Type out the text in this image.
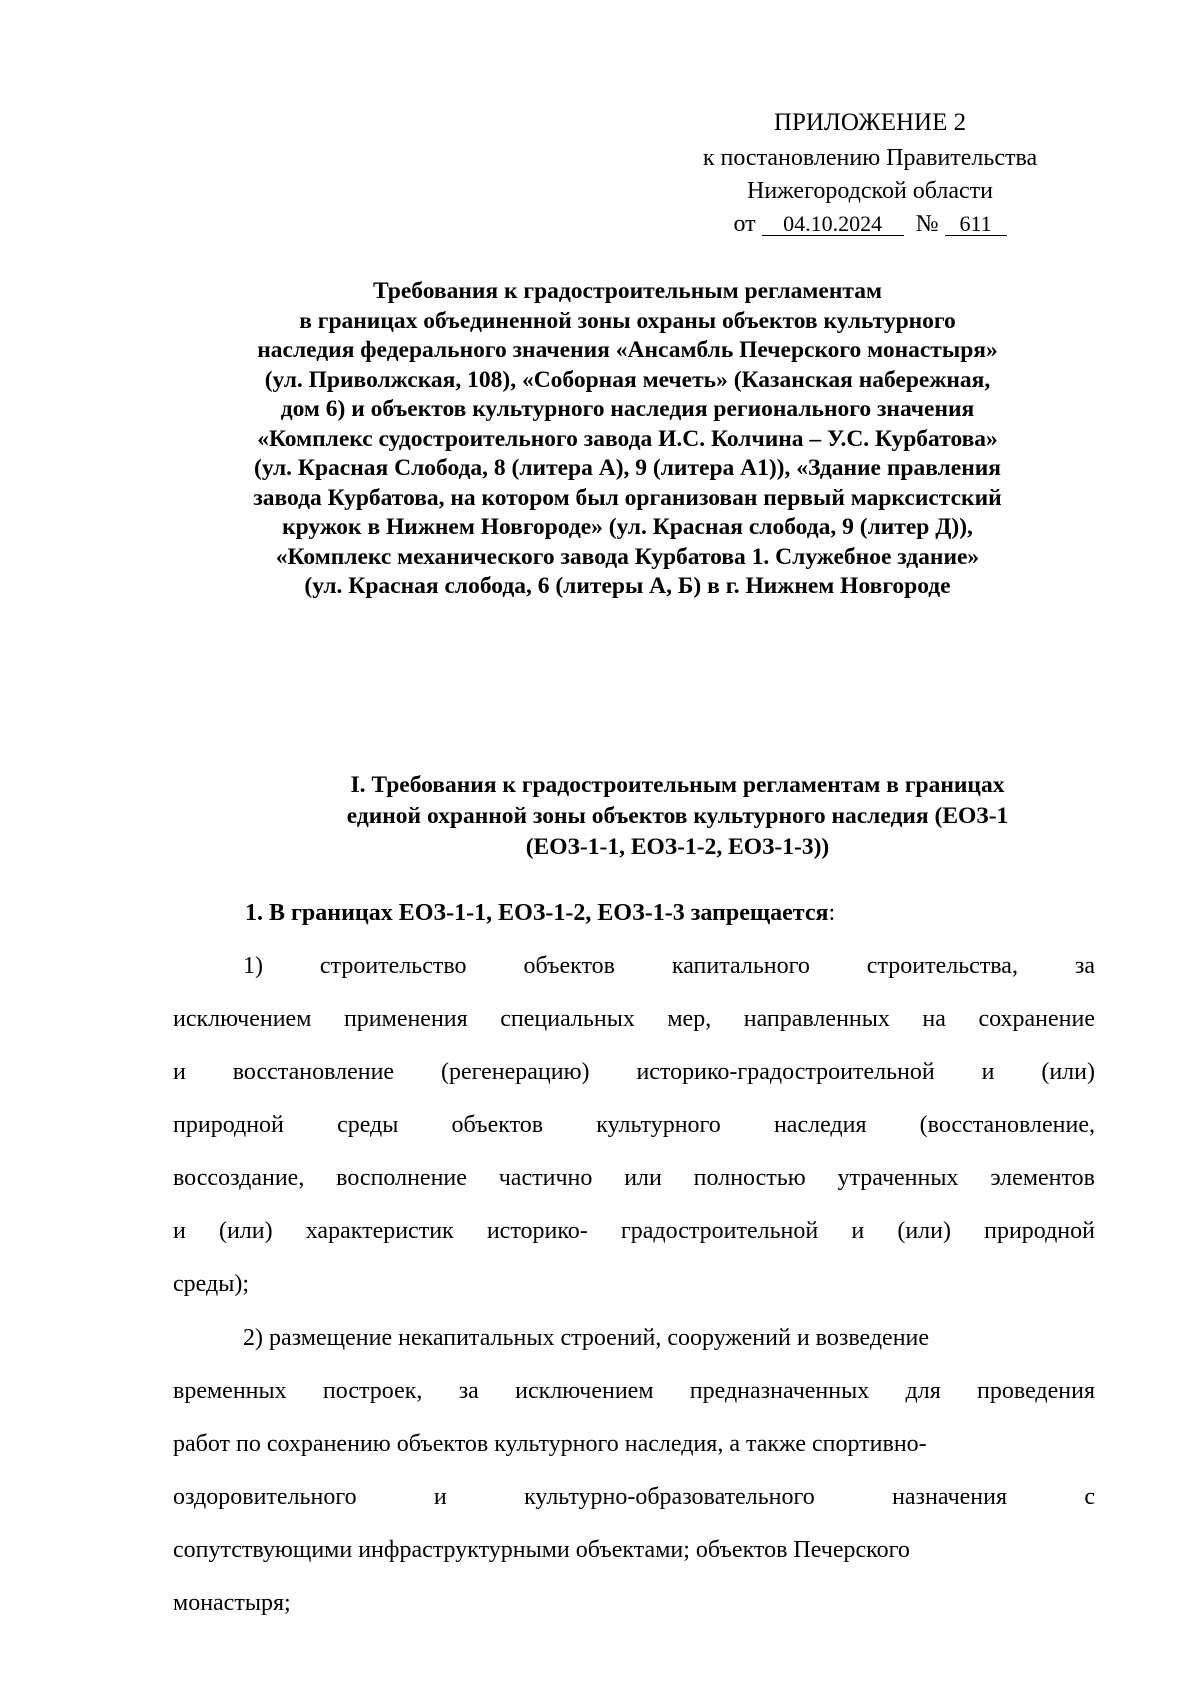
ПРИЛОЖЕНИЕ 2
к постановлению Правительства
Нижегородской области
от 04.10.2024 № 611
Требования к градостроительным регламентам
в границах объединенной зоны охраны объектов культурного
наследия федерального значения «Ансамбль Печерского монастыря»
(ул. Приволжская, 108), «Соборная мечеть» (Казанская набережная,
дом 6) и объектов культурного наследия регионального значения
«Комплекс судостроительного завода И.С. Колчина – У.С. Курбатова»
(ул. Красная Слобода, 8 (литера А), 9 (литера А1)), «Здание правления
завода Курбатова, на котором был организован первый марксистский
кружок в Нижнем Новгороде» (ул. Красная слобода, 9 (литер Д)),
«Комплекс механического завода Курбатова 1. Служебное здание»
(ул. Красная слобода, 6 (литеры А, Б) в г. Нижнем Новгороде
I. Требования к градостроительным регламентам в границах
единой охранной зоны объектов культурного наследия (ЕОЗ-1
(ЕОЗ-1-1, ЕОЗ-1-2, ЕОЗ-1-3))
1. В границах ЕОЗ-1-1, ЕОЗ-1-2, ЕОЗ-1-3 запрещается:
1) строительство объектов капитального строительства, за
исключением применения специальных мер, направленных на сохранение
и восстановление (регенерацию) историко-градостроительной и (или)
природной среды объектов культурного наследия (восстановление,
воссоздание, восполнение частично или полностью утраченных элементов
и (или) характеристик историко- градостроительной и (или) природной
среды);
2) размещение некапитальных строений, сооружений и возведение
временных построек, за исключением предназначенных для проведения
работ по сохранению объектов культурного наследия, а также спортивно-
оздоровительного и культурно-образовательного назначения с
сопутствующими инфраструктурными объектами; объектов Печерского
монастыря;
